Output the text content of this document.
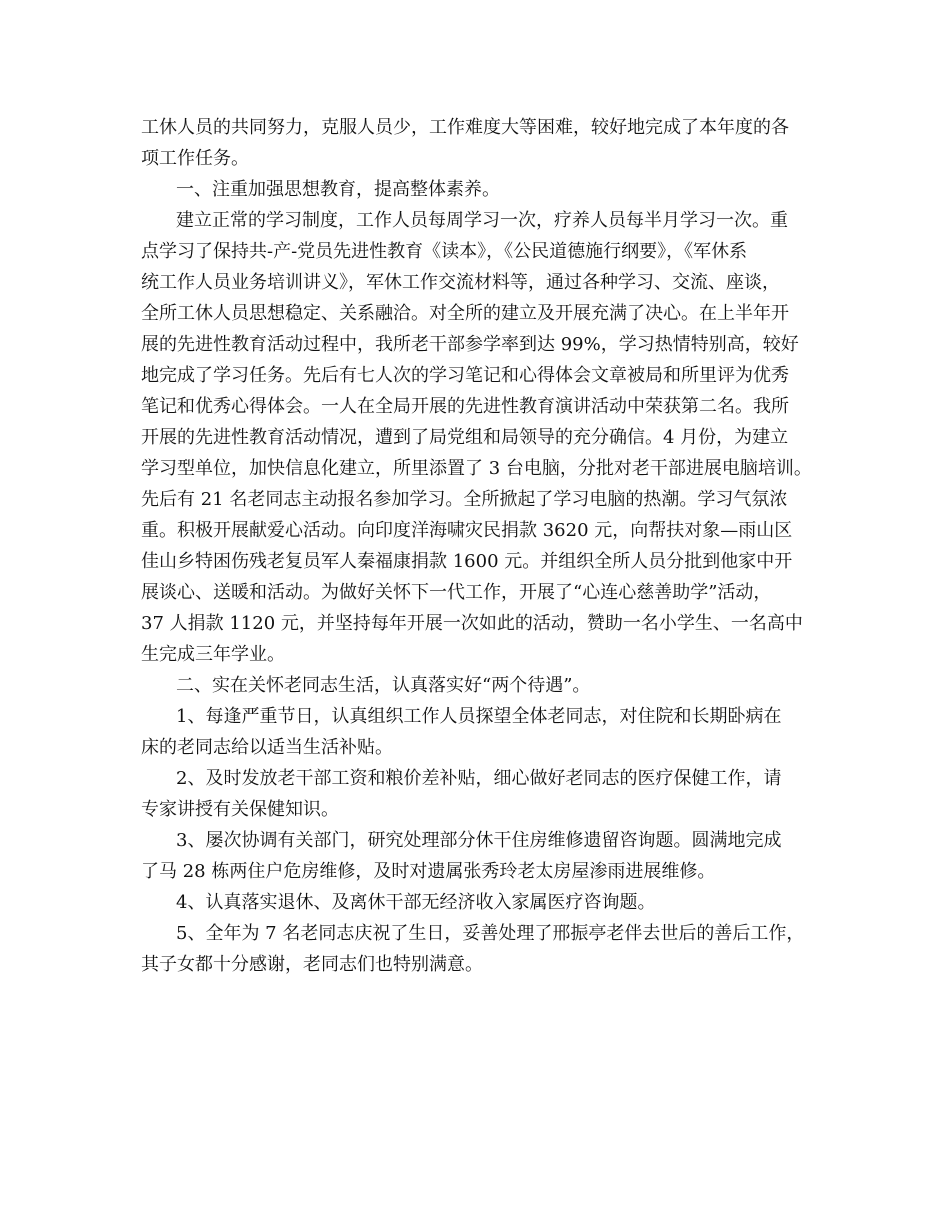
工休人员的共同努力，克服人员少，工作难度大等困难，较好地完成了本年度的各
项工作任务。
一、注重加强思想教育，提高整体素养。
建立正常的学习制度，工作人员每周学习一次，疗养人员每半月学习一次。重
点学习了保持共-产-党员先进性教育《读本》，《公民道德施行纲要》，《军休系
统工作人员业务培训讲义》，军休工作交流材料等，通过各种学习、交流、座谈，
全所工休人员思想稳定、关系融洽。对全所的建立及开展充满了决心。在上半年开
展的先进性教育活动过程中，我所老干部参学率到达 99%，学习热情特别高，较好
地完成了学习任务。先后有七人次的学习笔记和心得体会文章被局和所里评为优秀
笔记和优秀心得体会。一人在全局开展的先进性教育演讲活动中荣获第二名。我所
开展的先进性教育活动情况，遭到了局党组和局领导的充分确信。4 月份，为建立
学习型单位，加快信息化建立，所里添置了 3 台电脑，分批对老干部进展电脑培训。
先后有 21 名老同志主动报名参加学习。全所掀起了学习电脑的热潮。学习气氛浓
重。积极开展献爱心活动。向印度洋海啸灾民捐款 3620 元，向帮扶对象—雨山区
佳山乡特困伤残老复员军人秦福康捐款 1600 元。并组织全所人员分批到他家中开
展谈心、送暖和活动。为做好关怀下一代工作，开展了“心连心慈善助学”活动，
37 人捐款 1120 元，并坚持每年开展一次如此的活动，赞助一名小学生、一名高中
生完成三年学业。
二、实在关怀老同志生活，认真落实好“两个待遇”。
1、每逢严重节日，认真组织工作人员探望全体老同志，对住院和长期卧病在
床的老同志给以适当生活补贴。
2、及时发放老干部工资和粮价差补贴，细心做好老同志的医疗保健工作，请
专家讲授有关保健知识。
3、屡次协调有关部门，研究处理部分休干住房维修遗留咨询题。圆满地完成
了马 28 栋两住户危房维修，及时对遗属张秀玲老太房屋渗雨进展维修。
4、认真落实退休、及离休干部无经济收入家属医疗咨询题。
5、全年为 7 名老同志庆祝了生日，妥善处理了邢振亭老伴去世后的善后工作，
其子女都十分感谢，老同志们也特别满意。
